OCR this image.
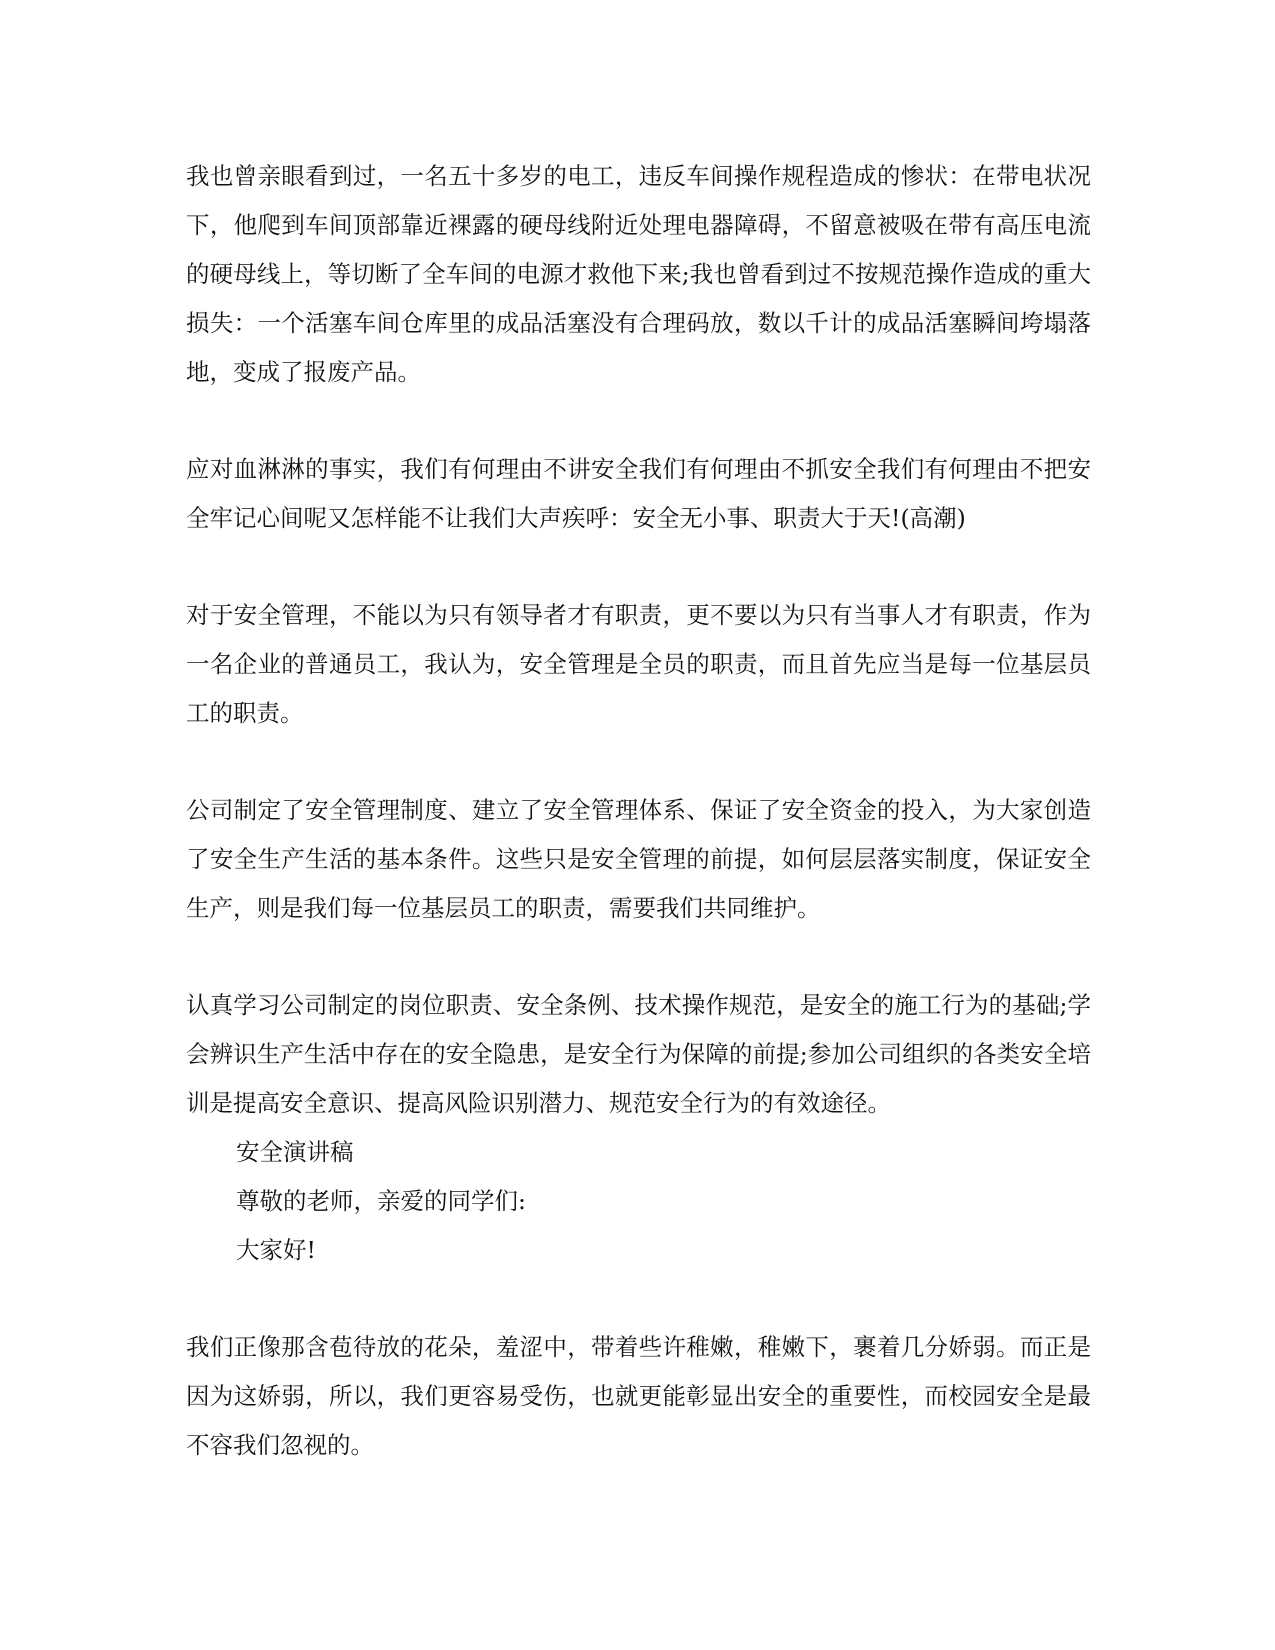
我也曾亲眼看到过，一名五十多岁的电工，违反车间操作规程造成的惨状：在带电状况下，他爬到车间顶部靠近裸露的硬母线附近处理电器障碍，不留意被吸在带有高压电流的硬母线上，等切断了全车间的电源才救他下来;我也曾看到过不按规范操作造成的重大损失：一个活塞车间仓库里的成品活塞没有合理码放，数以千计的成品活塞瞬间垮塌落地，变成了报废产品。

应对血淋淋的事实，我们有何理由不讲安全我们有何理由不抓安全我们有何理由不把安全牢记心间呢又怎样能不让我们大声疾呼：安全无小事、职责大于天!(高潮)

对于安全管理，不能以为只有领导者才有职责，更不要以为只有当事人才有职责，作为一名企业的普通员工，我认为，安全管理是全员的职责，而且首先应当是每一位基层员工的职责。

公司制定了安全管理制度、建立了安全管理体系、保证了安全资金的投入，为大家创造了安全生产生活的基本条件。这些只是安全管理的前提，如何层层落实制度，保证安全生产，则是我们每一位基层员工的职责，需要我们共同维护。

认真学习公司制定的岗位职责、安全条例、技术操作规范，是安全的施工行为的基础;学会辨识生产生活中存在的安全隐患，是安全行为保障的前提;参加公司组织的各类安全培训是提高安全意识、提高风险识别潜力、规范安全行为的有效途径。

安全演讲稿

尊敬的老师，亲爱的同学们:

大家好!

我们正像那含苞待放的花朵，羞涩中，带着些许稚嫩，稚嫩下，裹着几分娇弱。而正是因为这娇弱，所以，我们更容易受伤，也就更能彰显出安全的重要性，而校园安全是最不容我们忽视的。
